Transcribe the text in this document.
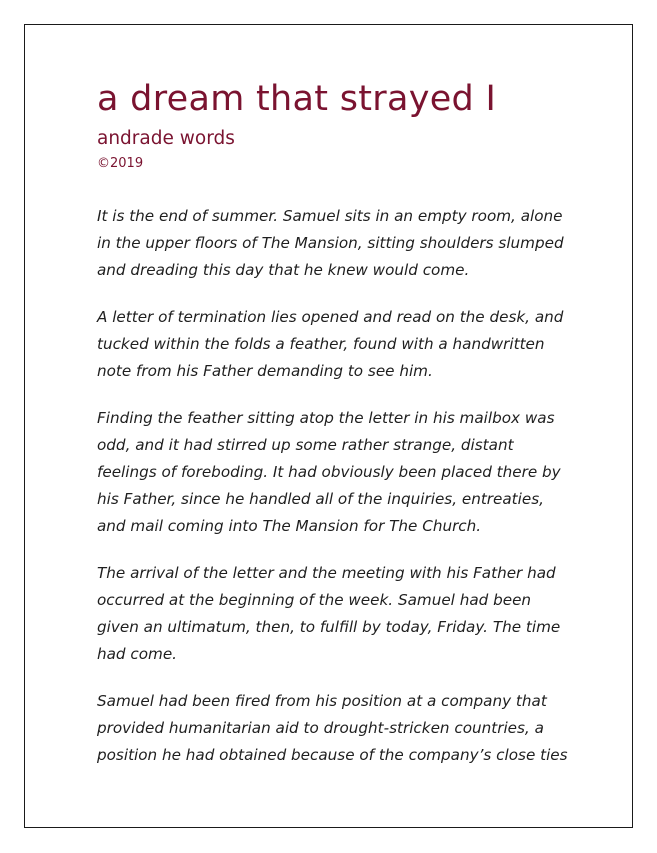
a dream that strayed I
andrade words
©2019

It is the end of summer. Samuel sits in an empty room, alone
in the upper floors of The Mansion, sitting shoulders slumped
and dreading this day that he knew would come.

A letter of termination lies opened and read on the desk, and
tucked within the folds a feather, found with a handwritten
note from his Father demanding to see him.

Finding the feather sitting atop the letter in his mailbox was
odd, and it had stirred up some rather strange, distant
feelings of foreboding. It had obviously been placed there by
his Father, since he handled all of the inquiries, entreaties,
and mail coming into The Mansion for The Church.

The arrival of the letter and the meeting with his Father had
occurred at the beginning of the week. Samuel had been
given an ultimatum, then, to fulfill by today, Friday. The time
had come.

Samuel had been fired from his position at a company that
provided humanitarian aid to drought-stricken countries, a
position he had obtained because of the company’s close ties
